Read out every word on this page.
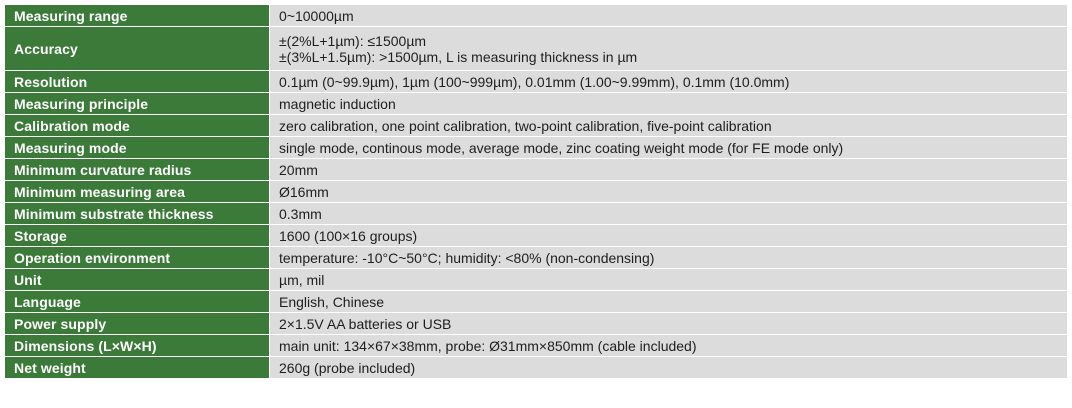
Measuring range	0~10000µm

Accuracy	±(2%L+1µm): ≤1500µm
±(3%L+1.5µm): >1500µm, L is measuring thickness in µm

Resolution	0.1µm (0~99.9µm), 1µm (100~999µm), 0.01mm (1.00~9.99mm), 0.1mm (10.0mm)

Measuring principle	magnetic induction

Calibration mode	zero calibration, one point calibration, two-point calibration, five-point calibration

Measuring mode	single mode, continous mode, average mode, zinc coating weight mode (for FE mode only)

Minimum curvature radius	20mm

Minimum measuring area	Ø16mm

Minimum substrate thickness	0.3mm

Storage	1600 (100×16 groups)

Operation environment	temperature: -10°C~50°C; humidity: <80% (non-condensing)

Unit	µm, mil

Language	English, Chinese

Power supply	2×1.5V AA batteries or USB

Dimensions (L×W×H)	main unit: 134×67×38mm, probe: Ø31mm×850mm (cable included)

Net weight	260g (probe included)
